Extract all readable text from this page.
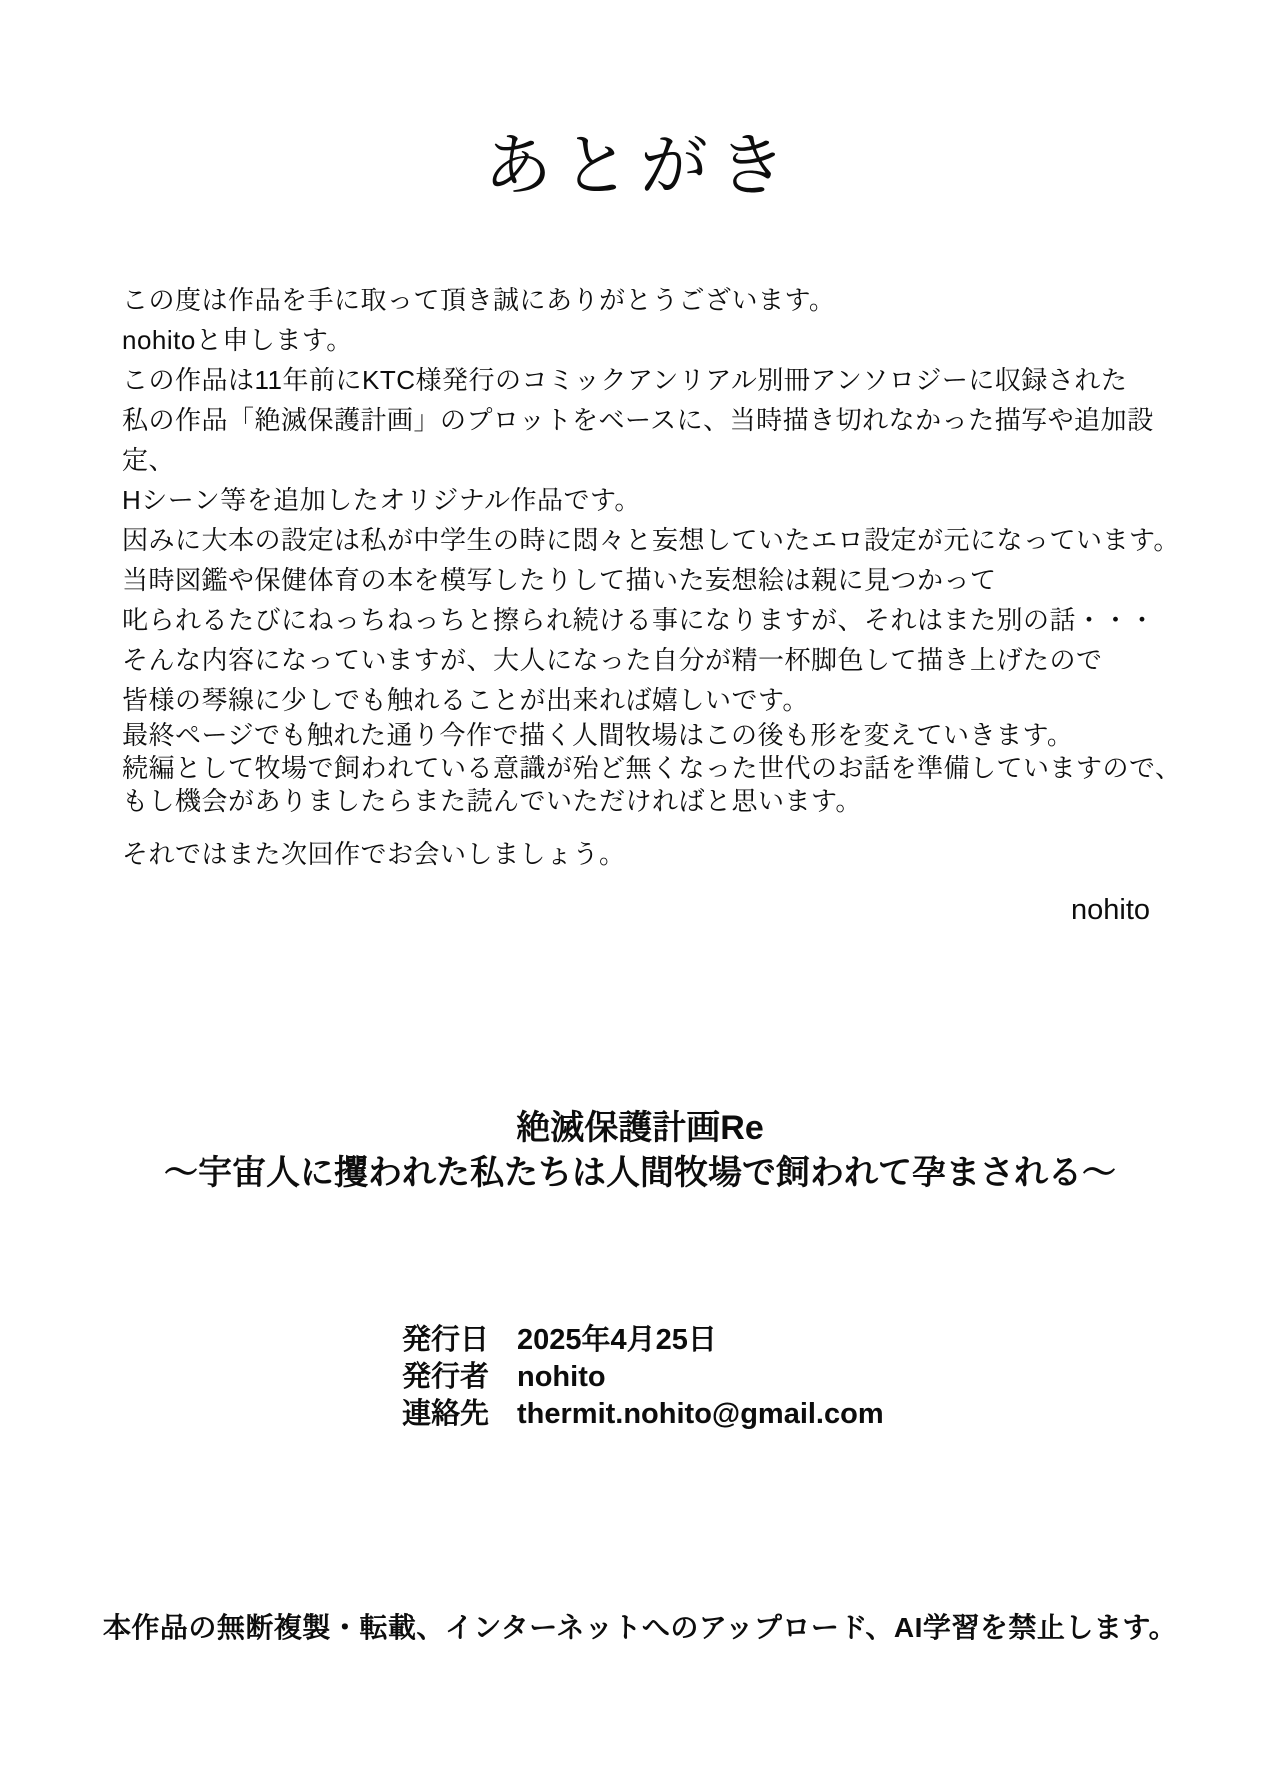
あとがき

この度は作品を手に取って頂き誠にありがとうございます。

nohitoと申します。

この作品は11年前にKTC様発行のコミックアンリアル別冊アンソロジーに収録された

私の作品「絶滅保護計画」のプロットをベースに、当時描き切れなかった描写や追加設定、

Hシーン等を追加したオリジナル作品です。

因みに大本の設定は私が中学生の時に悶々と妄想していたエロ設定が元になっています。

当時図鑑や保健体育の本を模写したりして描いた妄想絵は親に見つかって

叱られるたびにねっちねっちと擦られ続ける事になりますが、それはまた別の話・・・

そんな内容になっていますが、大人になった自分が精一杯脚色して描き上げたので

皆様の琴線に少しでも触れることが出来れば嬉しいです。

最終ページでも触れた通り今作で描く人間牧場はこの後も形を変えていきます。

続編として牧場で飼われている意識が殆ど無くなった世代のお話を準備していますので、

もし機会がありましたらまた読んでいただければと思います。

それではまた次回作でお会いしましょう。

nohito

絶滅保護計画Re

〜宇宙人に攫われた私たちは人間牧場で飼われて孕まされる〜

発行日 2025年4月25日
発行者 nohito
連絡先 thermit.nohito@gmail.com

本作品の無断複製・転載、インターネットへのアップロード、AI学習を禁止します。
